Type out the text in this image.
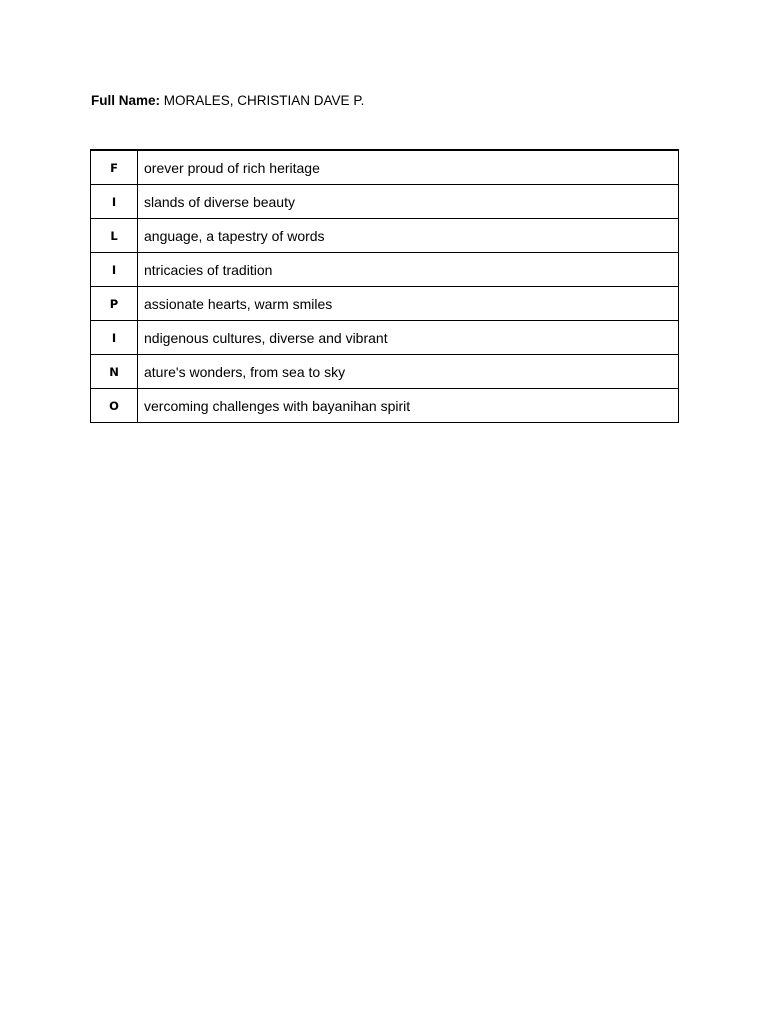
Full Name: MORALES, CHRISTIAN DAVE P.
F	orever proud of rich heritage
I	slands of diverse beauty
L	anguage, a tapestry of words
I	ntricacies of tradition
P	assionate hearts, warm smiles
I	ndigenous cultures, diverse and vibrant
N	ature's wonders, from sea to sky
O	vercoming challenges with bayanihan spirit
